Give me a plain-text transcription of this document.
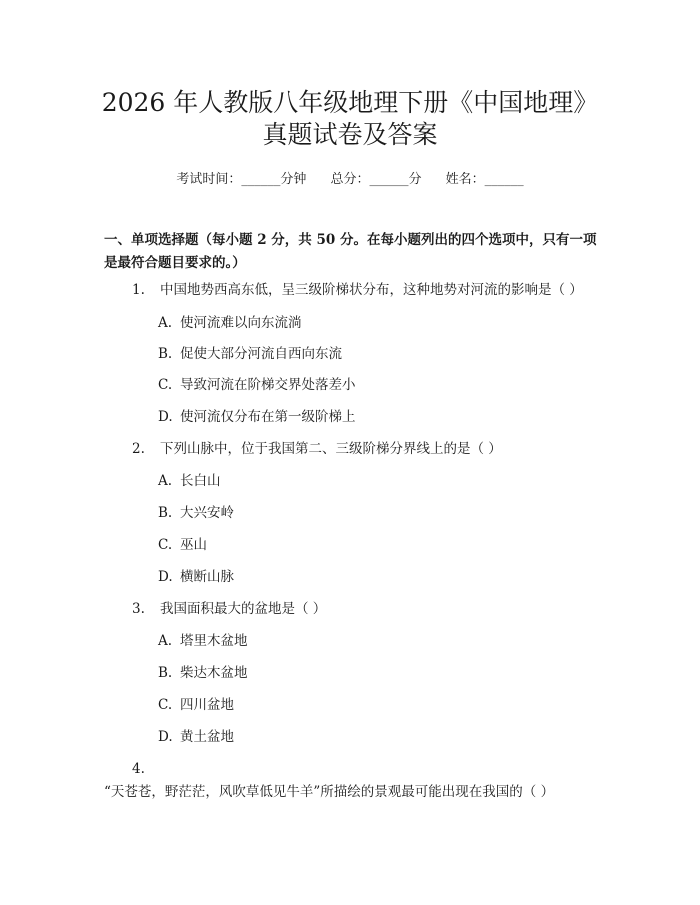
2026 年人教版八年级地理下册《中国地理》
真题试卷及答案
考试时间：______分钟 总分：______分 姓名：______
一、单项选择题（每小题 2 分，共 50 分。在每小题列出的四个选项中，只有一项是最符合题目要求的。）
1. 中国地势西高东低，呈三级阶梯状分布，这种地势对河流的影响是（ ）
A. 使河流难以向东流淌
B. 促使大部分河流自西向东流
C. 导致河流在阶梯交界处落差小
D. 使河流仅分布在第一级阶梯上
2. 下列山脉中，位于我国第二、三级阶梯分界线上的是（ ）
A. 长白山
B. 大兴安岭
C. 巫山
D. 横断山脉
3. 我国面积最大的盆地是（ ）
A. 塔里木盆地
B. 柴达木盆地
C. 四川盆地
D. 黄土盆地
4.“天苍苍，野茫茫，风吹草低见牛羊”所描绘的景观最可能出现在我国的（ ）
